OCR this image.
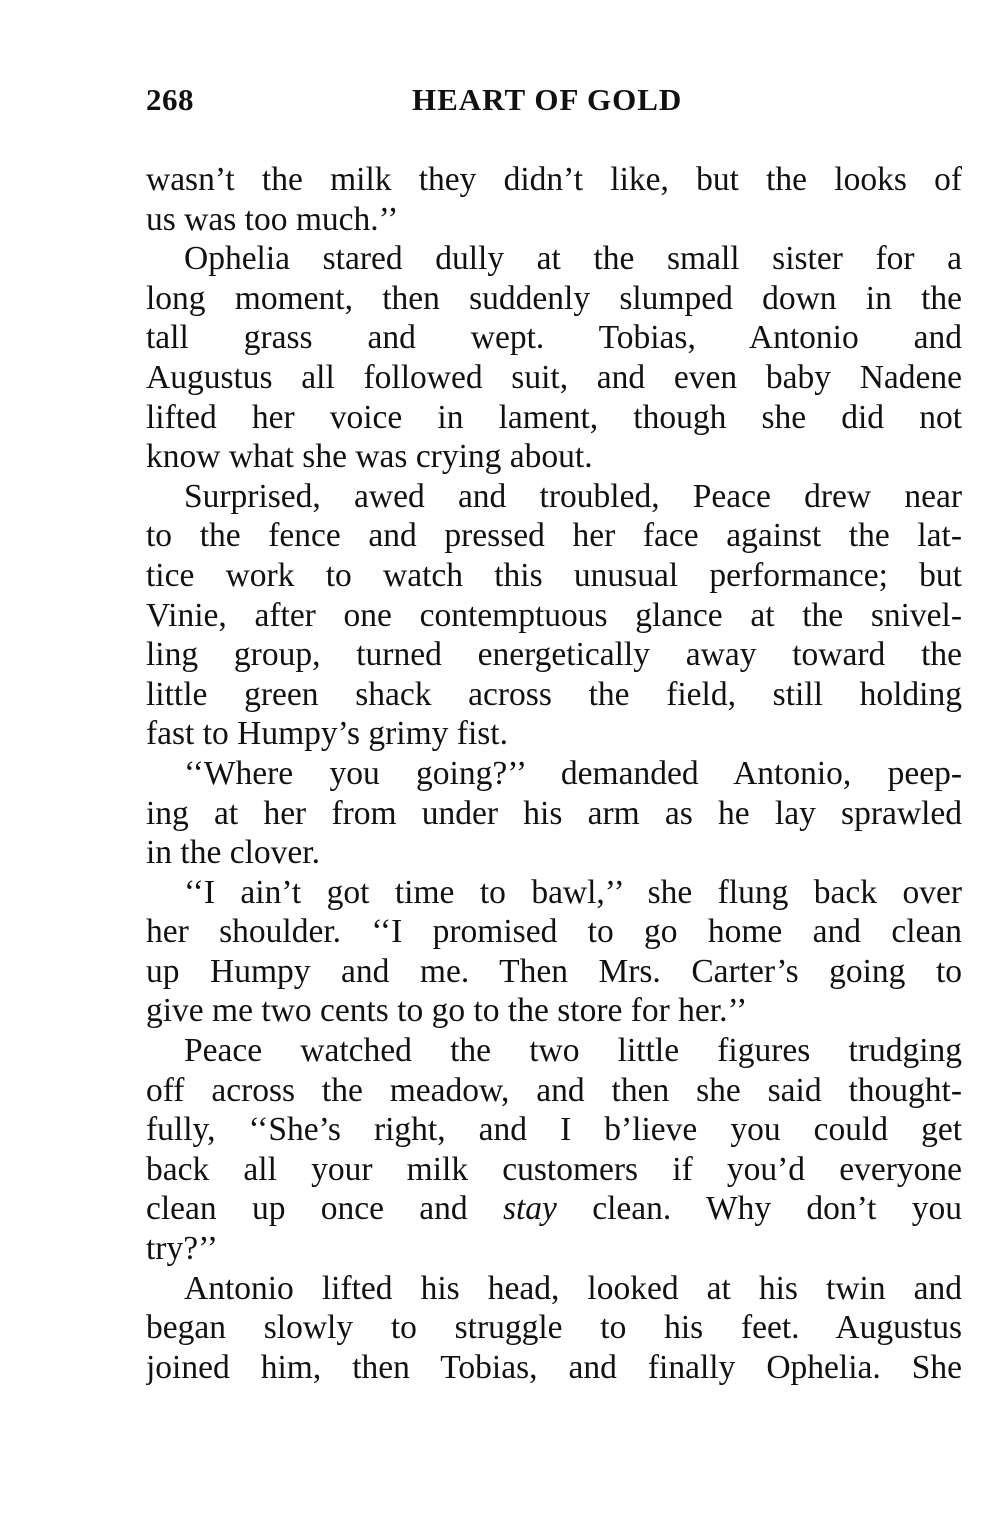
268	HEART OF GOLD
wasn’t the milk they didn’t like, but the looks of
us was too much.’’
Ophelia stared dully at the small sister for a
long moment, then suddenly slumped down in the
tall grass and wept. Tobias, Antonio and
Augustus all followed suit, and even baby Nadene
lifted her voice in lament, though she did not
know what she was crying about.
Surprised, awed and troubled, Peace drew near
to the fence and pressed her face against the lat-
tice work to watch this unusual performance; but
Vinie, after one contemptuous glance at the snivel-
ling group, turned energetically away toward the
little green shack across the field, still holding
fast to Humpy’s grimy fist.
‘‘Where you going?’’ demanded Antonio, peep-
ing at her from under his arm as he lay sprawled
in the clover.
‘‘I ain’t got time to bawl,’’ she flung back over
her shoulder. ‘‘I promised to go home and clean
up Humpy and me. Then Mrs. Carter’s going to
give me two cents to go to the store for her.’’
Peace watched the two little figures trudging
off across the meadow, and then she said thought-
fully, ‘‘She’s right, and I b’lieve you could get
back all your milk customers if you’d everyone
clean up once and stay clean. Why don’t you
try?’’
Antonio lifted his head, looked at his twin and
began slowly to struggle to his feet. Augustus
joined him, then Tobias, and finally Ophelia. She
